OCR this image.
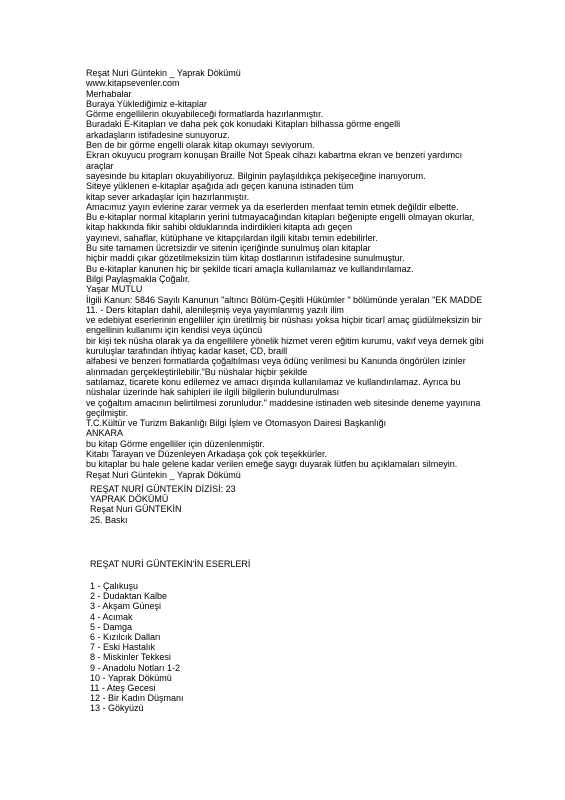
Reşat Nuri Güntekin _ Yaprak Dökümü
www.kitapsevenler.com
Merhabalar
Buraya Yüklediğimiz e-kitaplar
Görme engellilerin okuyabileceği formatlarda hazırlanmıştır.
Buradaki E-Kitapları ve daha pek çok konudaki Kitapları bilhassa görme engelli
arkadaşların istifadesine sunuyoruz.
Ben de bir görme engelli olarak kitap okumayı seviyorum.
Ekran okuyucu program konuşan Braille Not Speak cihazı kabartma ekran ve benzeri yardımcı
araçlar
sayesinde bu kitapları okuyabiliyoruz. Bilginin paylaşıldıkça pekişeceğine inanıyorum.
Siteye yüklenen e-kitaplar aşağıda adı geçen kanuna istinaden tüm
kitap sever arkadaşlar için hazırlanmıştır.
Amacımız yayın evlerine zarar vermek ya da eserlerden menfaat temin etmek değildir elbette.
Bu e-kitaplar normal kitapların yerini tutmayacağından kitapları beğenipte engelli olmayan okurlar,
kitap hakkında fikir sahibi olduklarında indirdikleri kitapta adı geçen
yayınevi, sahaflar, kütüphane ve kitapçılardan ilgili kitabı temin edebilirler.
Bu site tamamen ücretsizdir ve sitenin içeriğinde sunulmuş olan kitaplar
hiçbir maddi çıkar gözetilmeksizin tüm kitap dostlarının istifadesine sunulmuştur.
Bu e-kitaplar kanunen hiç bir şekilde ticari amaçla kullanılamaz ve kullandırılamaz.
Bilgi Paylaşmakla Çoğalır.
Yaşar MUTLU
İlgili Kanun: 5846 Sayılı Kanunun "altıncı Bölüm-Çeşitli Hükümler " bölümünde yeralan "EK MADDE
11. - Ders kitapları dahil, alenileşmiş veya yayımlanmış yazılı ilim
ve edebiyat eserlerinin engelliler için üretilmiş bir nüshası yoksa hiçbir ticarî amaç güdülmeksizin bir
engellinin kullanımı için kendisi veya üçüncü
bir kişi tek nüsha olarak ya da engellilere yönelik hizmet veren eğitim kurumu, vakıf veya dernek gibi
kuruluşlar tarafından ihtiyaç kadar kaset, CD, braill
alfabesi ve benzeri formatlarda çoğaltılması veya ödünç verilmesi bu Kanunda öngörülen izinler
alınmadan gerçekleştirilebilir."Bu nüshalar hiçbir şekilde
satılamaz, ticarete konu edilemez ve amacı dışında kullanılamaz ve kullandırılamaz. Ayrıca bu
nüshalar üzerinde hak sahipleri ile ilgili bilgilerin bulundurulması
ve çoğaltım amacının belirtilmesi zorunludur." maddesine istinaden web sitesinde deneme yayınına
geçilmiştir.
T.C.Kültür ve Turizm Bakanlığı Bilgi İşlem ve Otomasyon Dairesi Başkanlığı
ANKARA
bu kitap Görme engelliler için düzenlenmiştir.
Kitabı Tarayan ve Düzenleyen Arkadaşa çok çok teşekkürler.
bu kitaplar bu hale gelene kadar verilen emeğe saygı duyarak lütfen bu açıklamaları silmeyin.
Reşat Nuri Güntekin _ Yaprak Dökümü
REŞAT NURİ GÜNTEKİN DİZİSİ: 23
YAPRAK DÖKÜMÜ
Reşat Nuri GÜNTEKİN
25. Baskı
REŞAT NURİ GÜNTEKİN'İN ESERLERİ
1 - Çalıkuşu
2 - Dudaktan Kalbe
3 - Akşam Güneşi
4 - Acımak
5 - Damga
6 - Kızılcık Dalları
7 - Eski Hastalık
8 - Miskinler Tekkesi
9 - Anadolu Notları 1-2
10 - Yaprak Dökümü
11 - Ateş Gecesi
12 - Bir Kadın Düşmanı
13 - Gökyüzü
